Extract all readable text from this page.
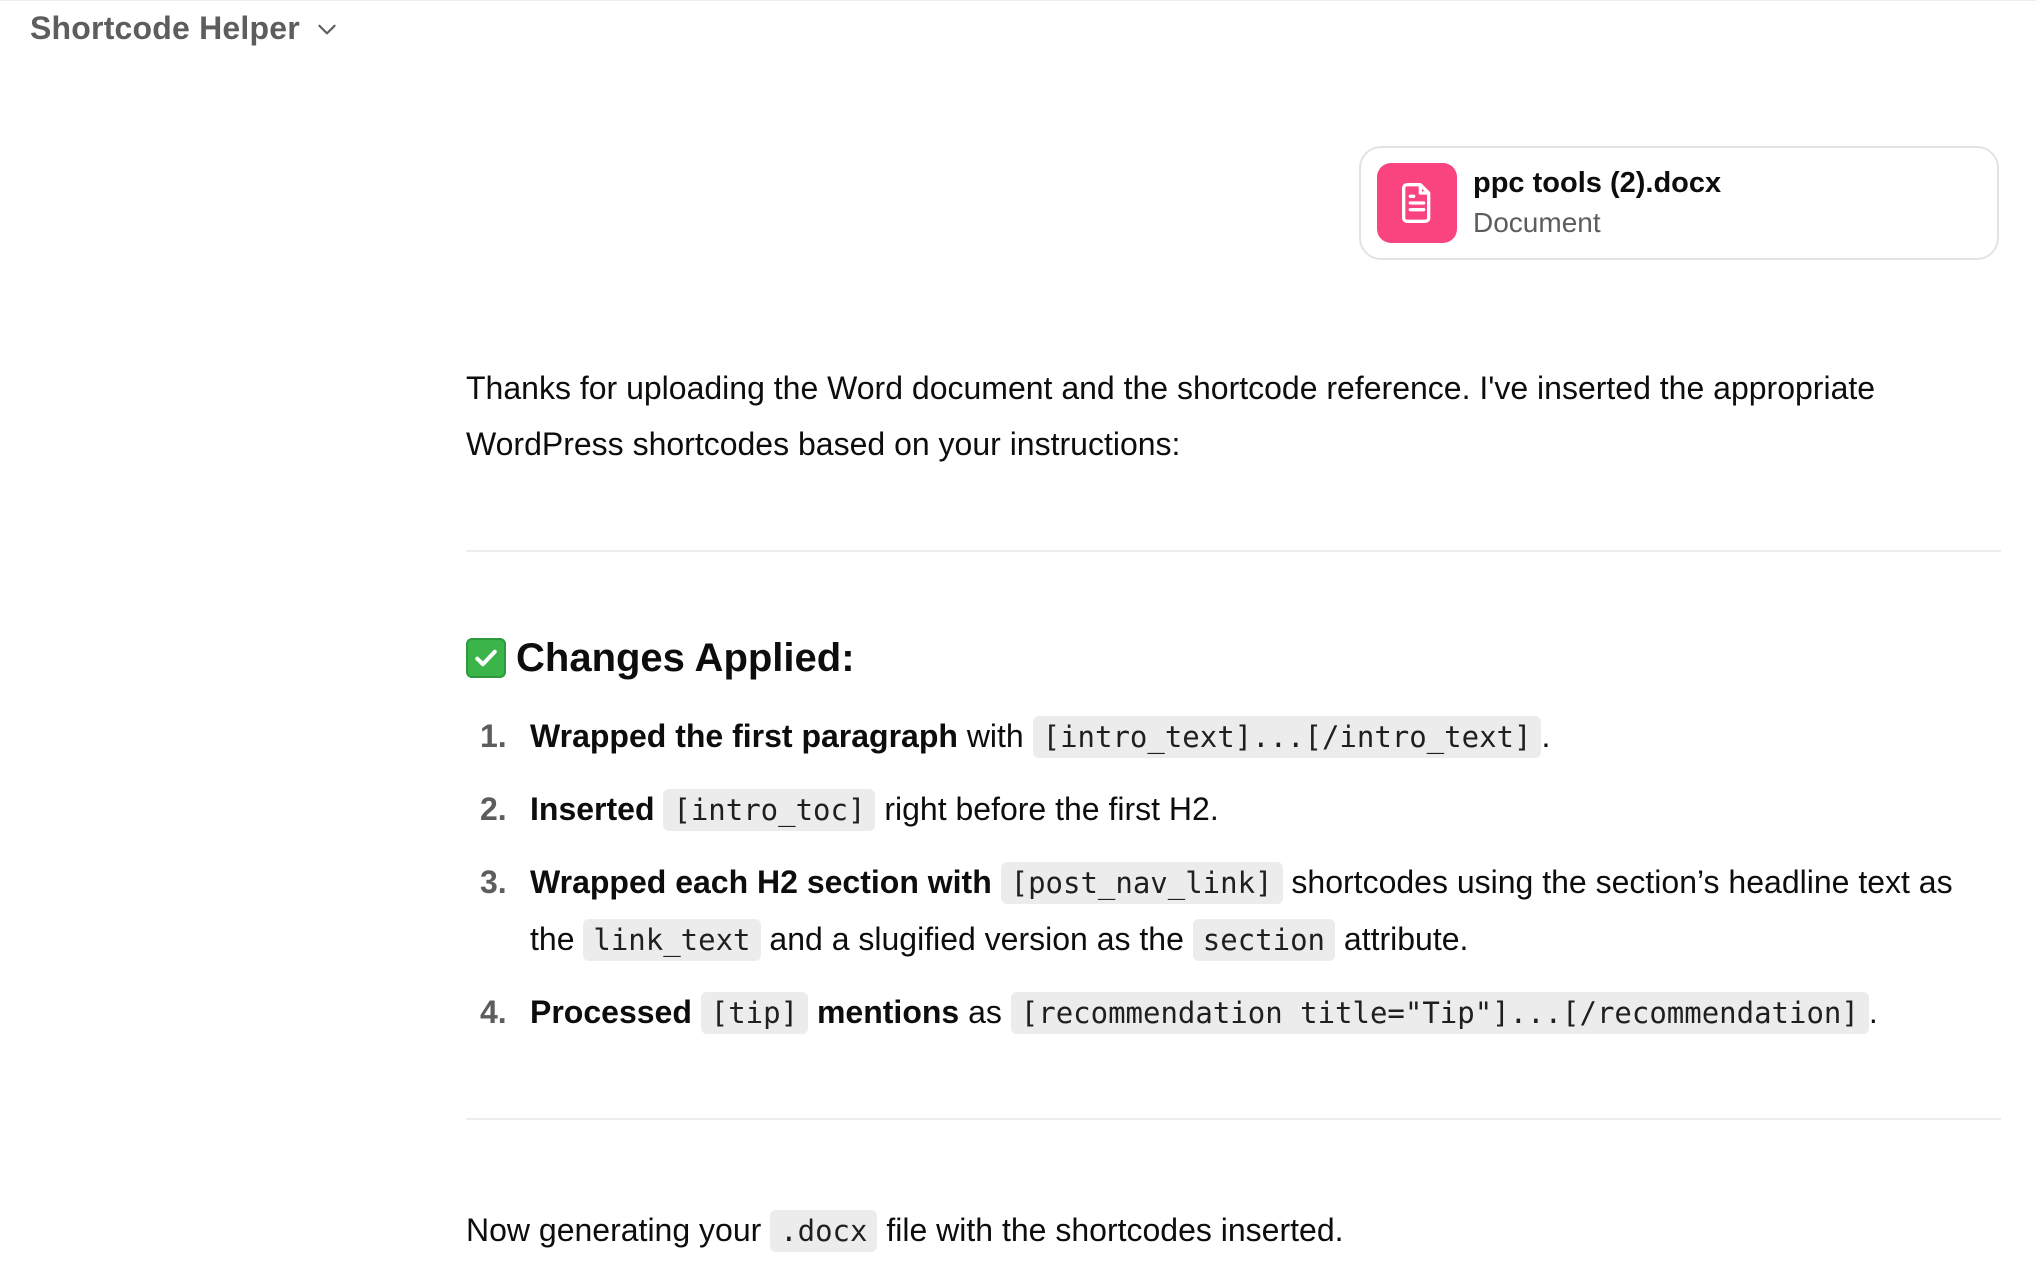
Shortcode Helper
ppc tools (2).docx
Document

Thanks for uploading the Word document and the shortcode reference. I've inserted the appropriate

WordPress shortcodes based on your instructions:

Changes Applied:
1. Wrapped the first paragraph with [intro_text]...[/intro_text] .
2. Inserted [intro_toc] right before the first H2.
3. Wrapped each H2 section with [post_nav_link] shortcodes using the section’s headline text as the link_text and a slugified version as the section attribute.
4. Processed [tip] mentions as [recommendation title="Tip"]...[/recommendation] .
Now generating your .docx file with the shortcodes inserted.
